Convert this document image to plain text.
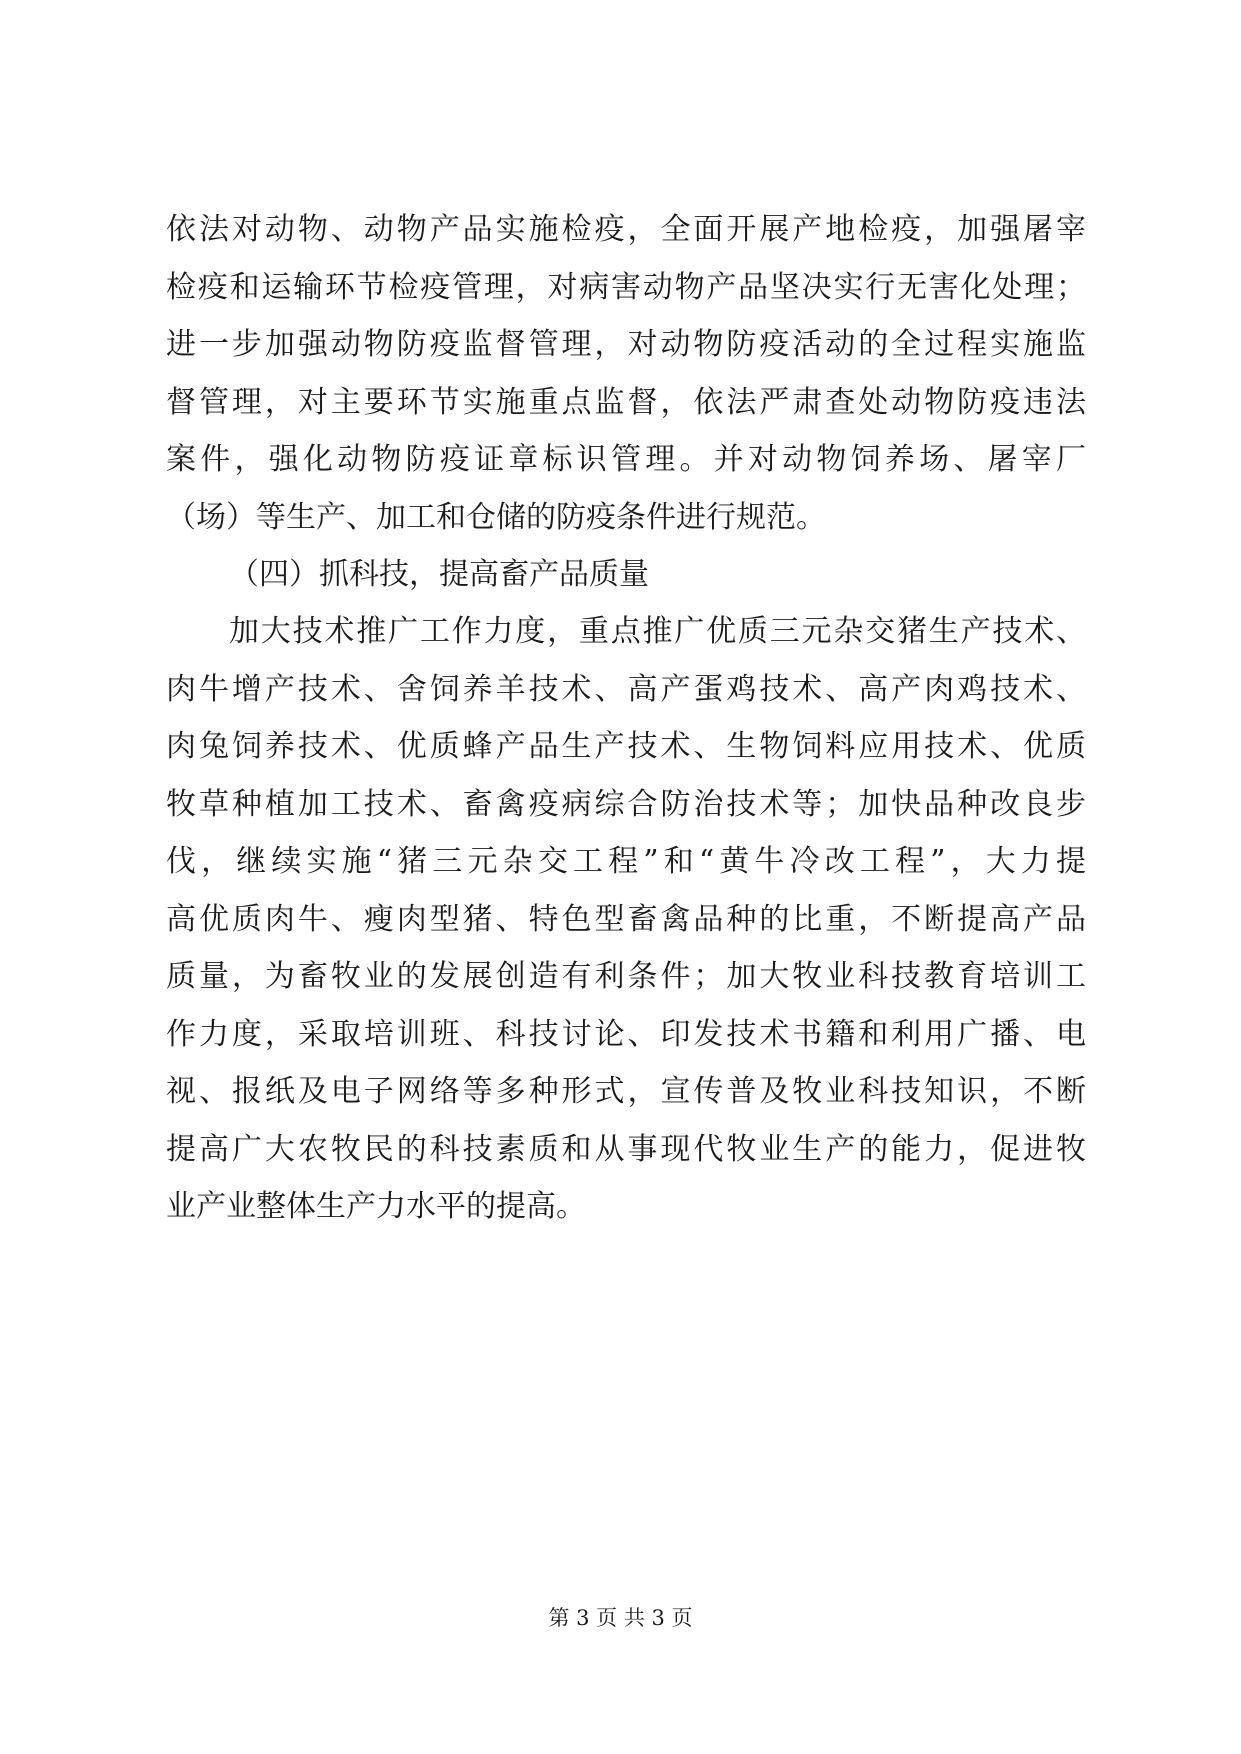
依法对动物、动物产品实施检疫，全面开展产地检疫，加强屠宰
检疫和运输环节检疫管理，对病害动物产品坚决实行无害化处理；
进一步加强动物防疫监督管理，对动物防疫活动的全过程实施监
督管理，对主要环节实施重点监督，依法严肃查处动物防疫违法
案件，强化动物防疫证章标识管理。并对动物饲养场、屠宰厂
（场）等生产、加工和仓储的防疫条件进行规范。
（四）抓科技，提高畜产品质量
加大技术推广工作力度，重点推广优质三元杂交猪生产技术、
肉牛增产技术、舍饲养羊技术、高产蛋鸡技术、高产肉鸡技术、
肉兔饲养技术、优质蜂产品生产技术、生物饲料应用技术、优质
牧草种植加工技术、畜禽疫病综合防治技术等；加快品种改良步
伐，继续实施“猪三元杂交工程”和“黄牛冷改工程”，大力提
高优质肉牛、瘦肉型猪、特色型畜禽品种的比重，不断提高产品
质量，为畜牧业的发展创造有利条件；加大牧业科技教育培训工
作力度，采取培训班、科技讨论、印发技术书籍和利用广播、电
视、报纸及电子网络等多种形式，宣传普及牧业科技知识，不断
提高广大农牧民的科技素质和从事现代牧业生产的能力，促进牧
业产业整体生产力水平的提高。
第 3 页 共 3 页
